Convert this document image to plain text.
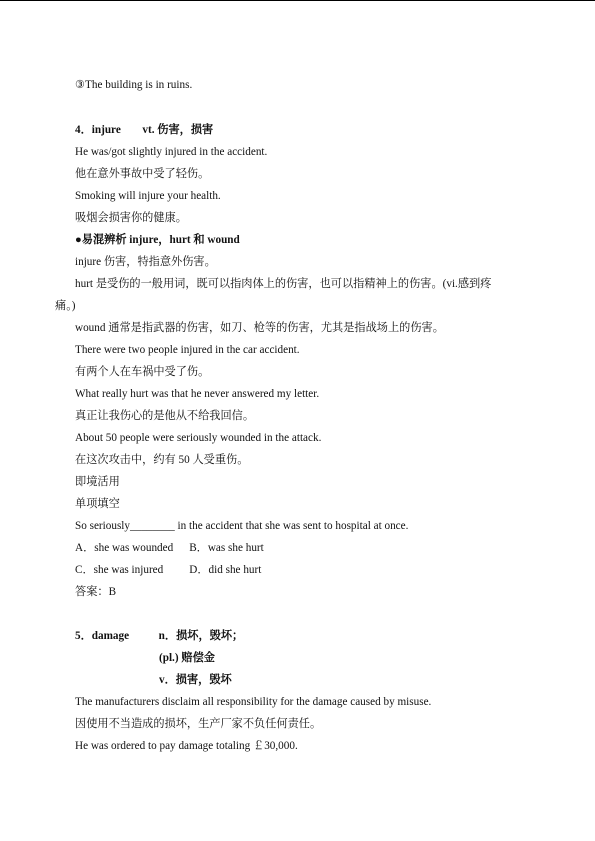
③The building is in ruins.
4．injure vt. 伤害，损害
He was/got slightly injured in the accident.
他在意外事故中受了轻伤。
Smoking will injure your health.
吸烟会损害你的健康。
●易混辨析 injure，hurt 和 wound
injure 伤害，特指意外伤害。
hurt 是受伤的一般用词，既可以指肉体上的伤害，也可以指精神上的伤害。(vi.感到疼
痛。)
wound 通常是指武器的伤害，如刀、枪等的伤害，尤其是指战场上的伤害。
There were two people injured in the car accident.
有两个人在车祸中受了伤。
What really hurt was that he never answered my letter.
真正让我伤心的是他从不给我回信。
About 50 people were seriously wounded in the attack.
在这次攻击中，约有 50 人受重伤。
即境活用
单项填空
So seriously________ in the accident that she was sent to hospital at once.
A．she was wounded B．was she hurt
C．she was injured D．did she hurt
答案：B
5．damage	n．损坏，毁坏；
(pl.) 赔偿金
v．损害，毁坏
The manufacturers disclaim all responsibility for the damage caused by misuse.
因使用不当造成的损坏，生产厂家不负任何责任。
He was ordered to pay damage totaling ￡30,000.
